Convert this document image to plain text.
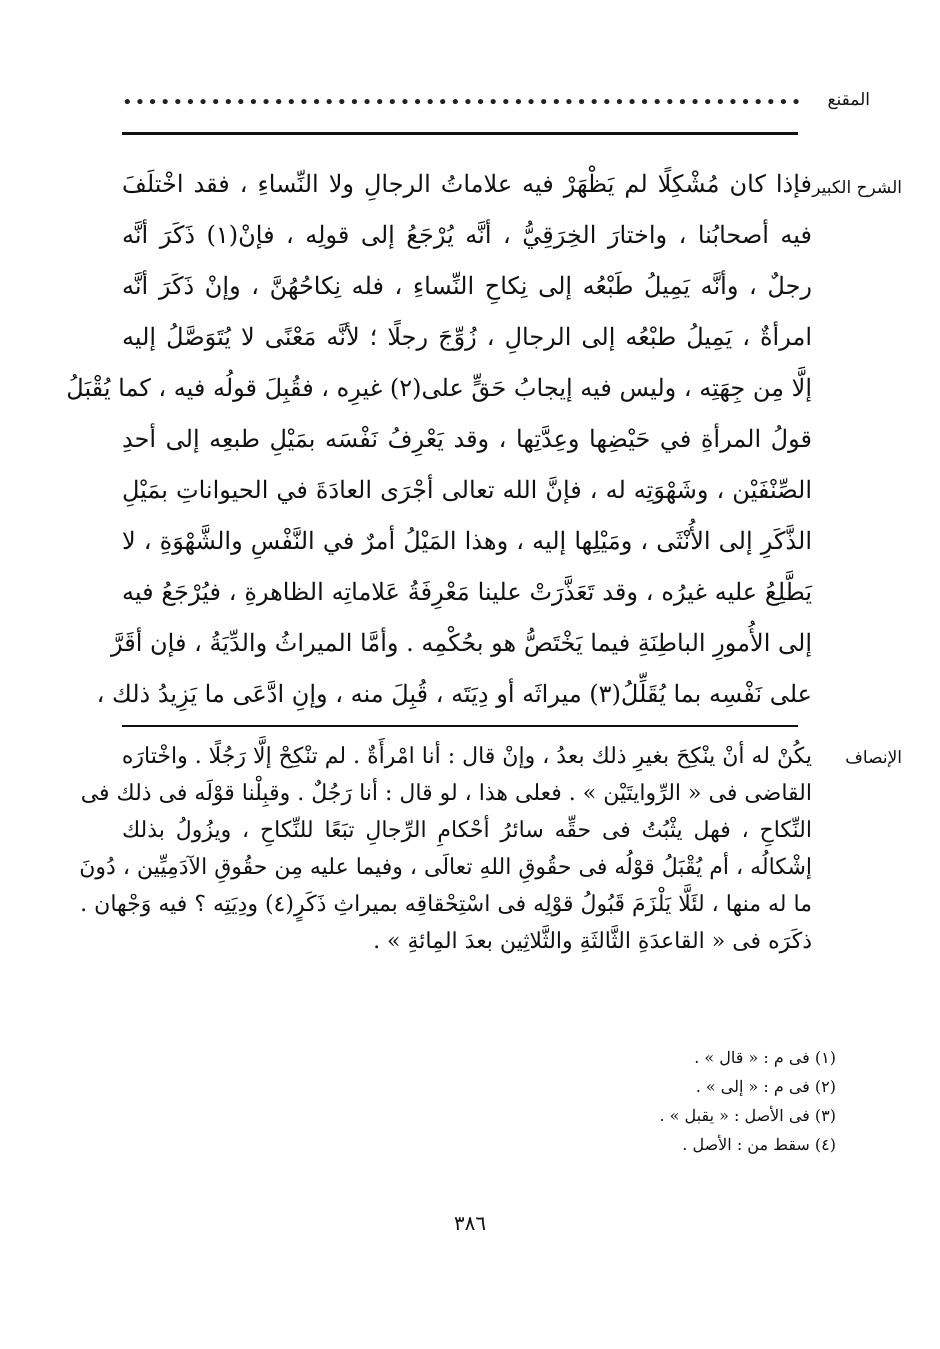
المقنع
••••••••••••••••••••••••••••••••••••••••••••••••••••••
الشرح الكبير
فإذا كان مُشْكِلًا لم يَظْهَرْ فيه علاماتُ الرجالِ ولا النِّساءِ ، فقد اخْتلَفَ
فيه أصحابُنا ، واختارَ الخِرَقِيُّ ، أنَّه يُرْجَعُ إلى قولِه ، فإنْ(١) ذَكَرَ أنَّه
رجلٌ ، وأنَّه يَمِيلُ طَبْعُه إلى نِكاحِ النِّساءِ ، فله نِكاحُهُنَّ ، وإنْ ذَكَرَ أنَّه
امرأةٌ ، يَمِيلُ طبْعُه إلى الرجالِ ، زُوِّجَ رجلًا ؛ لأنَّه مَعْنًى لا يُتَوَصَّلُ إليه
إلَّا مِن جِهَتِه ، وليس فيه إيجابُ حَقٍّ على(٢) غيرِه ، فقُبِلَ قولُه فيه ، كما يُقْبَلُ
قولُ المرأةِ في حَيْضِها وعِدَّتِها ، وقد يَعْرِفُ نَفْسَه بمَيْلِ طبعِه إلى أحدِ
الصِّنْفَيْن ، وشَهْوَتِه له ، فإنَّ الله تعالى أجْرَى العادَةَ في الحيواناتِ بمَيْلِ
الذَّكَرِ إلى الأُنْثَى ، ومَيْلِها إليه ، وهذا المَيْلُ أمرٌ في النَّفْسِ والشَّهْوَةِ ، لا
يَطَّلِعُ عليه غيرُه ، وقد تَعَذَّرَتْ علينا مَعْرِفَةُ عَلاماتِه الظاهرةِ ، فيُرْجَعُ فيه
إلى الأُمورِ الباطِنَةِ فيما يَخْتَصُّ هو بحُكْمِه . وأمَّا الميراثُ والدِّيَةُ ، فإن أقَرَّ
على نَفْسِه بما يُقَلِّلُ(٣) ميراثَه أو دِيَتَه ، قُبِلَ منه ، وإنِ ادَّعَى ما يَزِيدُ ذلك ،
الإنصاف
يكُنْ له أنْ ينْكِحَ بغيرِ ذلك بعدُ ، وإنْ قال : أنا امْرأَةٌ . لم تنْكِحْ إلَّا رَجُلًا . واخْتارَه
القاضى فى « الرِّوايتَيْن » . فعلى هذا ، لو قال : أنا رَجُلٌ . وقبِلْنا قوْلَه فى ذلك فى
النِّكاحِ ، فهل يثْبُتُ فى حقِّه سائرُ أحْكامِ الرِّجالِ تبَعًا للنِّكاحِ ، ويزُولُ بذلك
إشْكالُه ، أم يُقْبَلُ قوْلُه فى حقُوقِ اللهِ تعالَى ، وفيما عليه مِن حقُوقِ الآدَمِيِّين ، دُونَ
ما له منها ، لئَلَّا يَلْزَمَ قَبُولُ قوْلِه فى اسْتِحْقاقِه بميراثِ ذَكَرٍ(٤) ودِيَتِه ؟ فيه وَجْهان .
ذكَرَه فى « القاعدَةِ الثَّالثَةِ والثَّلاثِين بعدَ المِائةِ » .
(١) فى م : « قال » .
(٢) فى م : « إلى » .
(٣) فى الأصل : « يقبل » .
(٤) سقط من : الأصل .
٣٨٦
